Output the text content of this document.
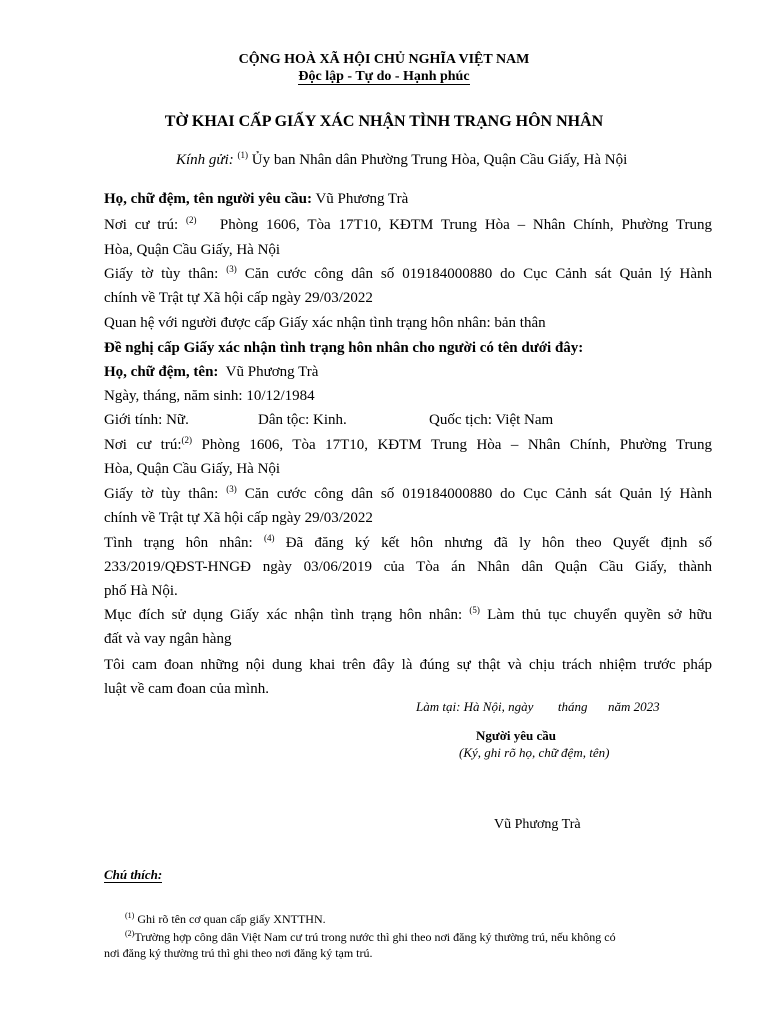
CỘNG HOÀ XÃ HỘI CHỦ NGHĨA VIỆT NAM
Độc lập - Tự do - Hạnh phúc
TỜ KHAI CẤP GIẤY XÁC NHẬN TÌNH TRẠNG HÔN NHÂN
Kính gửi: $^{(1)}$ Ủy ban Nhân dân Phường Trung Hòa, Quận Cầu Giấy, Hà Nội
Họ, chữ đệm, tên người yêu cầu: Vũ Phương Trà
Nơi cư trú: $^{(2)}$ Phòng 1606, Tòa 17T10, KĐTM Trung Hòa – Nhân Chính, Phường Trung
Hòa, Quận Cầu Giấy, Hà Nội
Giấy tờ tùy thân: $^{(3)}$ Căn cước công dân số 019184000880 do Cục Cảnh sát Quản lý Hành
chính về Trật tự Xã hội cấp ngày 29/03/2022
Quan hệ với người được cấp Giấy xác nhận tình trạng hôn nhân: bản thân
Đề nghị cấp Giấy xác nhận tình trạng hôn nhân cho người có tên dưới đây:
Họ, chữ đệm, tên: Vũ Phương Trà
Ngày, tháng, năm sinh: 10/12/1984
Giới tính: Nữ.	Dân tộc: Kinh.	Quốc tịch: Việt Nam
Nơi cư trú:$^{(2)}$ Phòng 1606, Tòa 17T10, KĐTM Trung Hòa – Nhân Chính, Phường Trung
Hòa, Quận Cầu Giấy, Hà Nội
Giấy tờ tùy thân: $^{(3)}$ Căn cước công dân số 019184000880 do Cục Cảnh sát Quản lý Hành
chính về Trật tự Xã hội cấp ngày 29/03/2022
Tình trạng hôn nhân: $^{(4)}$ Đã đăng ký kết hôn nhưng đã ly hôn theo Quyết định số
233/2019/QĐST-HNGĐ ngày 03/06/2019 của Tòa án Nhân dân Quận Cầu Giấy, thành
phố Hà Nội.
Mục đích sử dụng Giấy xác nhận tình trạng hôn nhân: $^{(5)}$ Làm thủ tục chuyển quyền sở hữu
đất và vay ngân hàng
Tôi cam đoan những nội dung khai trên đây là đúng sự thật và chịu trách nhiệm trước pháp
luật về cam đoan của mình.
Làm tại: Hà Nội, ngày tháng năm 2023
Người yêu cầu
(Ký, ghi rõ họ, chữ đệm, tên)
Vũ Phương Trà
Chú thích:
$^{(1)}$ Ghi rõ tên cơ quan cấp giấy XNTTHN.
$^{(2)}$Trường hợp công dân Việt Nam cư trú trong nước thì ghi theo nơi đăng ký thường trú, nếu không có
nơi đăng ký thường trú thì ghi theo nơi đăng ký tạm trú.
